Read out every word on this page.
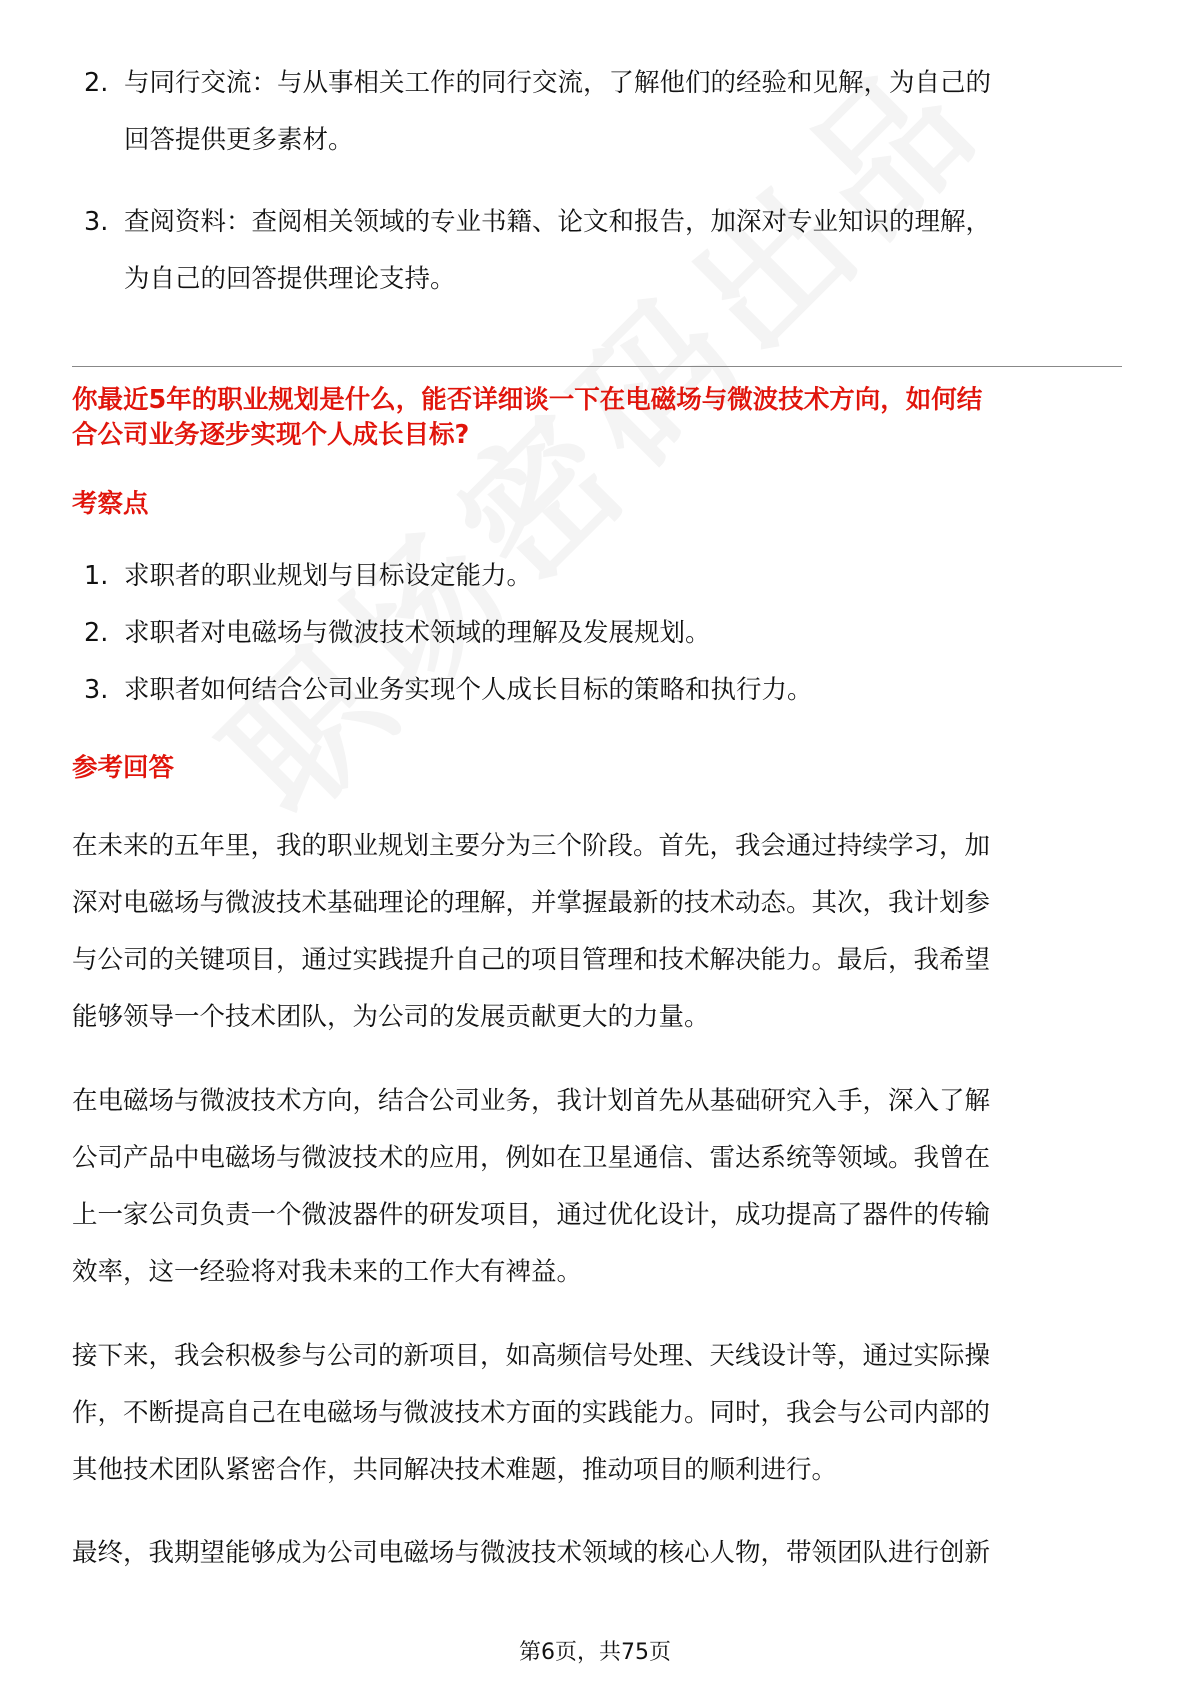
2. 与同行交流：与从事相关工作的同行交流，了解他们的经验和见解，为自己的
回答提供更多素材。
3. 查阅资料：查阅相关领域的专业书籍、论文和报告，加深对专业知识的理解，
为自己的回答提供理论支持。
你最近5年的职业规划是什么，能否详细谈一下在电磁场与微波技术方向，如何结
合公司业务逐步实现个人成长目标?
考察点
1. 求职者的职业规划与目标设定能力。
2. 求职者对电磁场与微波技术领域的理解及发展规划。
3. 求职者如何结合公司业务实现个人成长目标的策略和执行力。
参考回答

在未来的五年里，我的职业规划主要分为三个阶段。首先，我会通过持续学习，加
深对电磁场与微波技术基础理论的理解，并掌握最新的技术动态。其次，我计划参
与公司的关键项目，通过实践提升自己的项目管理和技术解决能力。最后，我希望
能够领导一个技术团队，为公司的发展贡献更大的力量。

在电磁场与微波技术方向，结合公司业务，我计划首先从基础研究入手，深入了解
公司产品中电磁场与微波技术的应用，例如在卫星通信、雷达系统等领域。我曾在
上一家公司负责一个微波器件的研发项目，通过优化设计，成功提高了器件的传输
效率，这一经验将对我未来的工作大有裨益。

接下来，我会积极参与公司的新项目，如高频信号处理、天线设计等，通过实际操
作，不断提高自己在电磁场与微波技术方面的实践能力。同时，我会与公司内部的
其他技术团队紧密合作，共同解决技术难题，推动项目的顺利进行。

最终，我期望能够成为公司电磁场与微波技术领域的核心人物，带领团队进行创新

第6页，共75页
